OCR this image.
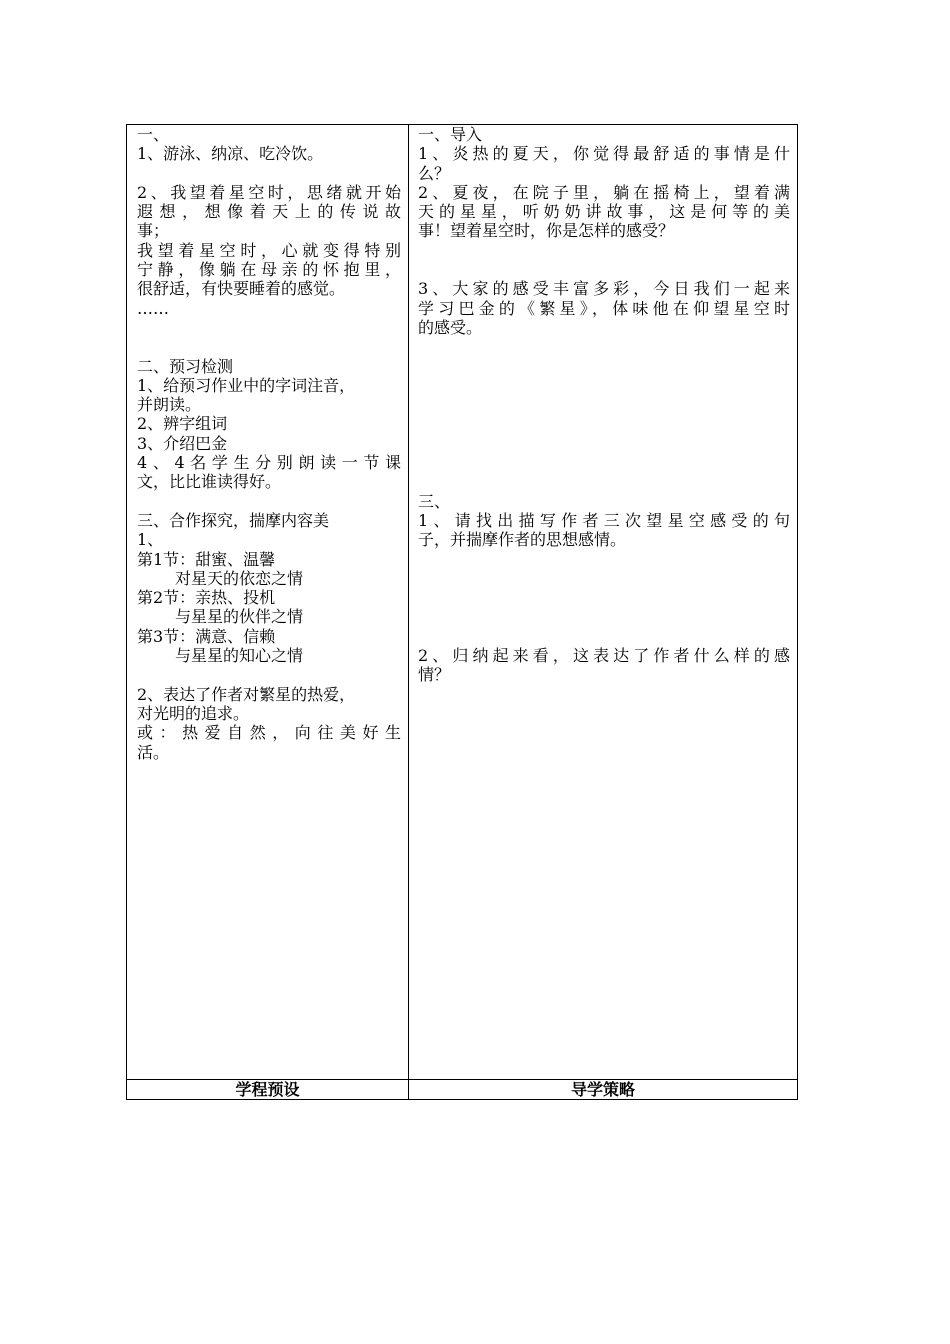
一、
1、游泳、纳凉、吃冷饮。
2、我望着星空时，思绪就开始
遐想，想像着天上的传说故
事；
我望着星空时，心就变得特别
宁静，像躺在母亲的怀抱里，
很舒适，有快要睡着的感觉。
……
二、预习检测
1、给预习作业中的字词注音，
并朗读。
2、辨字组词
3、介绍巴金
4、4名学生分别朗读一节课
文，比比谁读得好。
三、合作探究，揣摩内容美
1、
第1节：甜蜜、温馨
对星天的依恋之情
第2节：亲热、投机
与星星的伙伴之情
第3节：满意、信赖
与星星的知心之情
2、表达了作者对繁星的热爱，
对光明的追求。
或：热爱自然，向往美好生
活。
一、导入
1、炎热的夏天，你觉得最舒适的事情是什
么？
2、夏夜，在院子里，躺在摇椅上，望着满
天的星星，听奶奶讲故事，这是何等的美
事！望着星空时，你是怎样的感受？
3、大家的感受丰富多彩，今日我们一起来
学习巴金的《繁星》，体味他在仰望星空时
的感受。
三、
1、请找出描写作者三次望星空感受的句
子，并揣摩作者的思想感情。
2、归纳起来看，这表达了作者什么样的感
情？
学程预设	导学策略
